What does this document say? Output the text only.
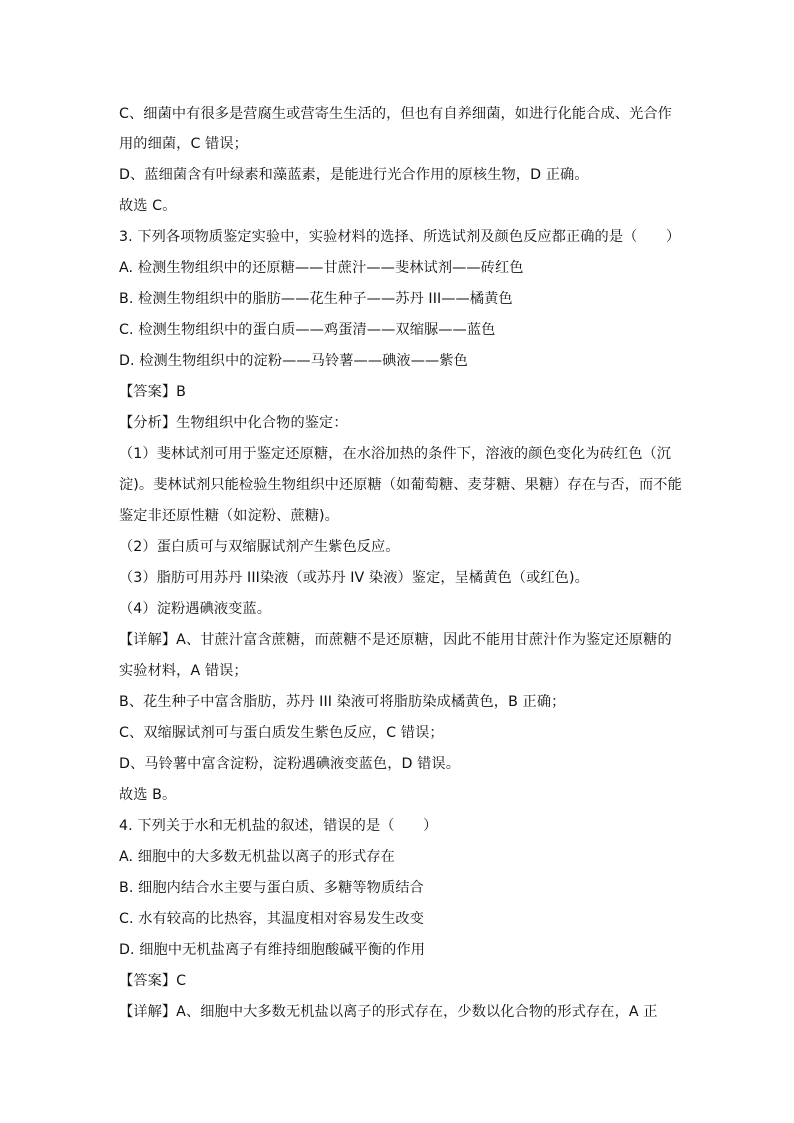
C、细菌中有很多是营腐生或营寄生生活的，但也有自养细菌，如进行化能合成、光合作
用的细菌，C 错误；
D、蓝细菌含有叶绿素和藻蓝素，是能进行光合作用的原核生物，D 正确。
故选 C。
3. 下列各项物质鉴定实验中，实验材料的选择、所选试剂及颜色反应都正确的是（　　）
A. 检测生物组织中的还原糖——甘蔗汁——斐林试剂——砖红色
B. 检测生物组织中的脂肪——花生种子——苏丹 III——橘黄色
C. 检测生物组织中的蛋白质——鸡蛋清——双缩脲——蓝色
D. 检测生物组织中的淀粉——马铃薯——碘液——紫色
【答案】B
【分析】生物组织中化合物的鉴定：
（1）斐林试剂可用于鉴定还原糖，在水浴加热的条件下，溶液的颜色变化为砖红色（沉
淀)。斐林试剂只能检验生物组织中还原糖（如葡萄糖、麦芽糖、果糖）存在与否，而不能
鉴定非还原性糖（如淀粉、蔗糖)。
（2）蛋白质可与双缩脲试剂产生紫色反应。
（3）脂肪可用苏丹 III染液（或苏丹 IV 染液）鉴定，呈橘黄色（或红色)。
（4）淀粉遇碘液变蓝。
【详解】A、甘蔗汁富含蔗糖，而蔗糖不是还原糖，因此不能用甘蔗汁作为鉴定还原糖的
实验材料，A 错误；
B、花生种子中富含脂肪，苏丹 III 染液可将脂肪染成橘黄色，B 正确；
C、双缩脲试剂可与蛋白质发生紫色反应，C 错误；
D、马铃薯中富含淀粉，淀粉遇碘液变蓝色，D 错误。
故选 B。
4. 下列关于水和无机盐的叙述，错误的是（　　）
A. 细胞中的大多数无机盐以离子的形式存在
B. 细胞内结合水主要与蛋白质、多糖等物质结合
C. 水有较高的比热容，其温度相对容易发生改变
D. 细胞中无机盐离子有维持细胞酸碱平衡的作用
【答案】C
【详解】A、细胞中大多数无机盐以离子的形式存在，少数以化合物的形式存在，A 正
